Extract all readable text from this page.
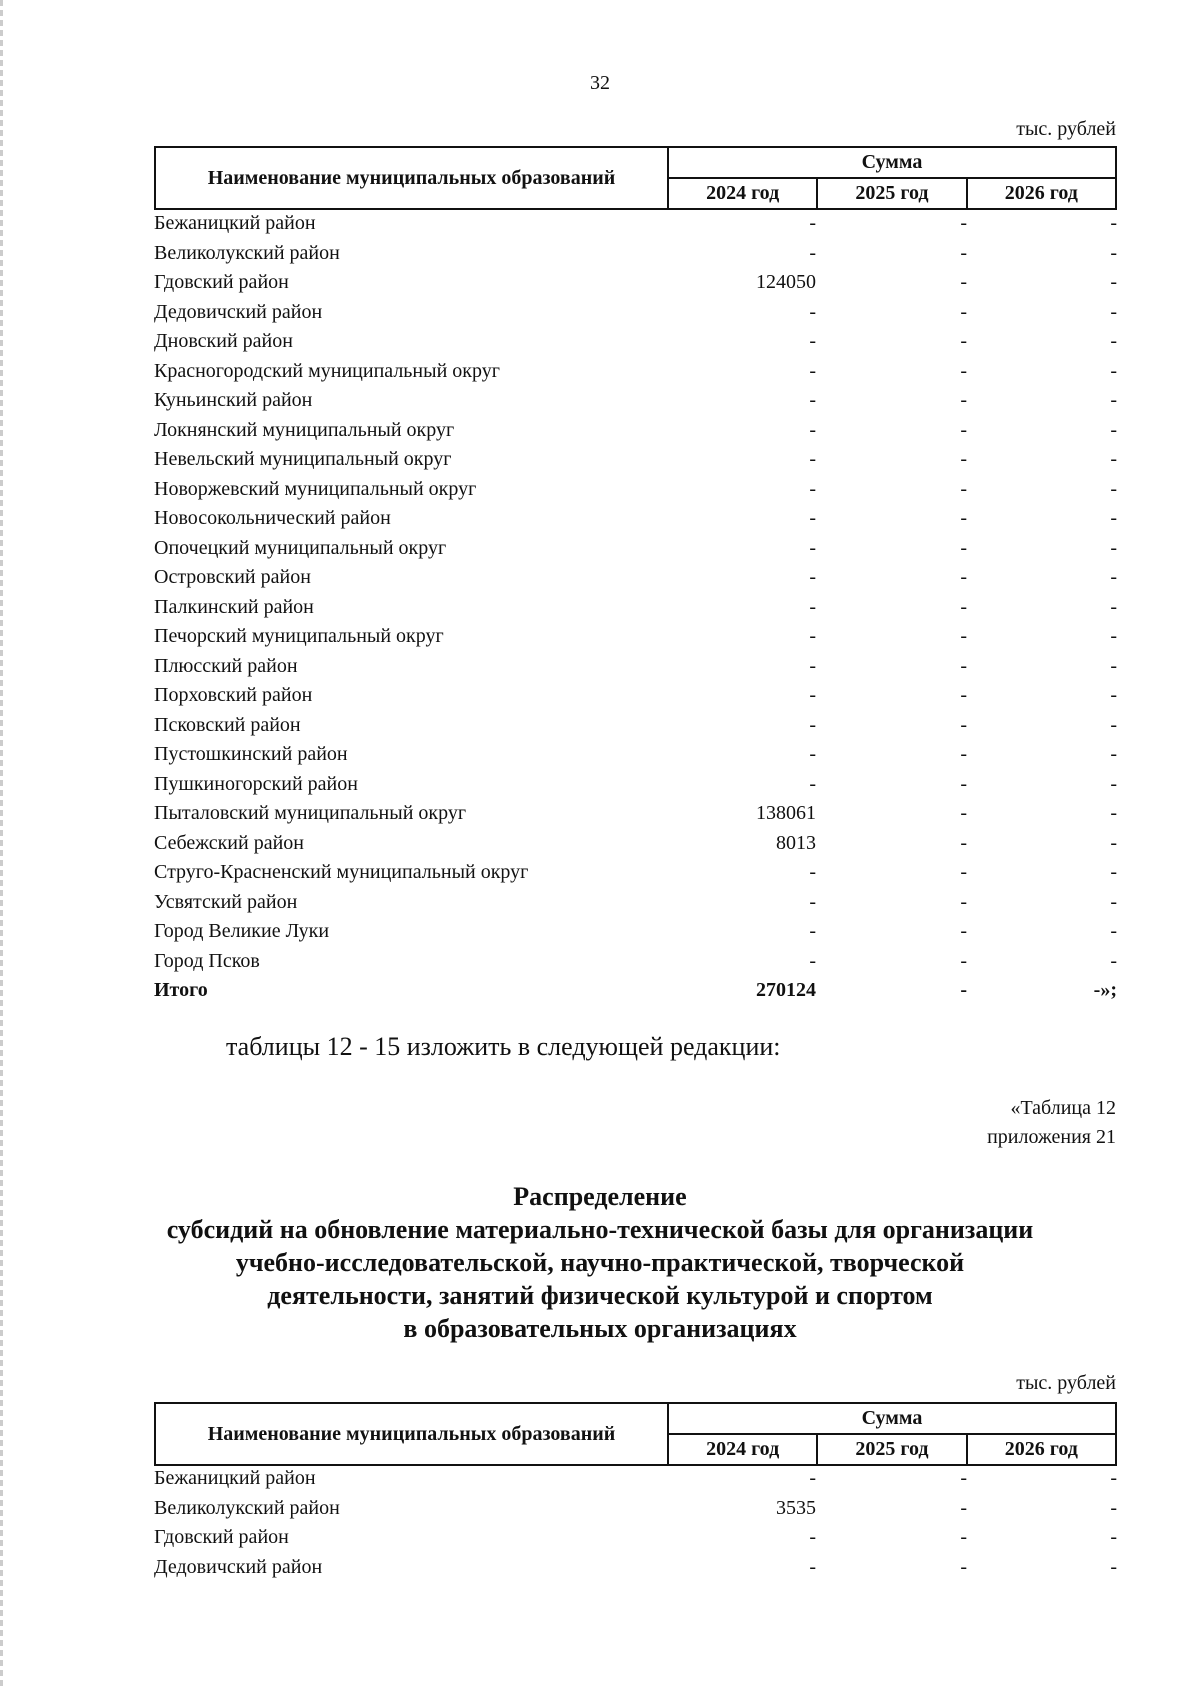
32
тыс. рублей
Наименование муниципальных образований	Сумма		
	2024 год	2025 год	2026 год
Бежаницкий район	-	-	-
Великолукский район	-	-	-
Гдовский район	124050	-	-
Дедовичский район	-	-	-
Дновский район	-	-	-
Красногородский муниципальный округ	-	-	-
Куньинский район	-	-	-
Локнянский муниципальный округ	-	-	-
Невельский муниципальный округ	-	-	-
Новоржевский муниципальный округ	-	-	-
Новосокольнический район	-	-	-
Опочецкий муниципальный округ	-	-	-
Островский район	-	-	-
Палкинский район	-	-	-
Печорский муниципальный округ	-	-	-
Плюсский район	-	-	-
Порховский район	-	-	-
Псковский район	-	-	-
Пустошкинский район	-	-	-
Пушкиногорский район	-	-	-
Пыталовский муниципальный округ	138061	-	-
Себежский район	8013	-	-
Струго-Красненский муниципальный округ	-	-	-
Усвятский район	-	-	-
Город Великие Луки	-	-	-
Город Псков	-	-	-
Итого	270124	-	-»;
таблицы 12 - 15 изложить в следующей редакции:
«Таблица 12
приложения 21
Распределение
субсидий на обновление материально-технической базы для организации
учебно-исследовательской, научно-практической, творческой
деятельности, занятий физической культурой и спортом
в образовательных организациях
тыс. рублей
Наименование муниципальных образований	Сумма		
	2024 год	2025 год	2026 год
Бежаницкий район	-	-	-
Великолукский район	3535	-	-
Гдовский район	-	-	-
Дедовичский район	-	-	-
